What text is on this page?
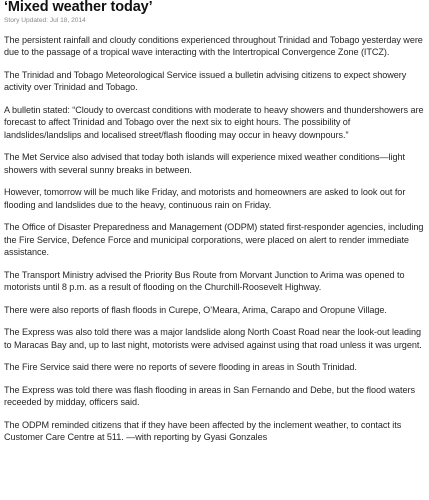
‘Mixed weather today’
Story Updated: Jul 18, 2014

The persistent rainfall and cloudy conditions experienced throughout Trinidad and Tobago yesterday were due to the passage of a tropical wave interacting with the Intertropical Convergence Zone (ITCZ).

The Trinidad and Tobago Meteorological Service issued a bulletin advising citizens to expect showery activity over Trinidad and Tobago.

A bulletin stated: “Cloudy to overcast conditions with moderate to heavy showers and thundershowers are forecast to affect Trinidad and Tobago over the next six to eight hours. The possibility of landslides/landslips and localised street/flash flooding may occur in heavy downpours.”

The Met Service also advised that today both islands will experience mixed weather conditions—light showers with several sunny breaks in between.

However, tomorrow will be much like Friday, and motorists and homeowners are asked to look out for flooding and landslides due to the heavy, continuous rain on Friday.

The Office of Disaster Preparedness and Management (ODPM) stated first-responder agencies, including the Fire Service, Defence Force and municipal corporations, were placed on alert to render immediate assistance.

The Transport Ministry advised the Priority Bus Route from Morvant Junction to Arima was opened to motorists until 8 p.m. as a result of flooding on the Churchill-Roosevelt Highway.

There were also reports of flash floods in Curepe, O’Meara, Arima, Carapo and Oropune Village.

The Express was also told there was a major landslide along North Coast Road near the look-out leading to Maracas Bay and, up to last night, motorists were advised against using that road unless it was urgent.

The Fire Service said there were no reports of severe flooding in areas in South Trinidad.

The Express was told there was flash flooding in areas in San Fernando and Debe, but the flood waters receeded by midday, officers said.

The ODPM reminded citizens that if they have been affected by the inclement weather, to contact its Customer Care Centre at 511. —with reporting by Gyasi Gonzales
